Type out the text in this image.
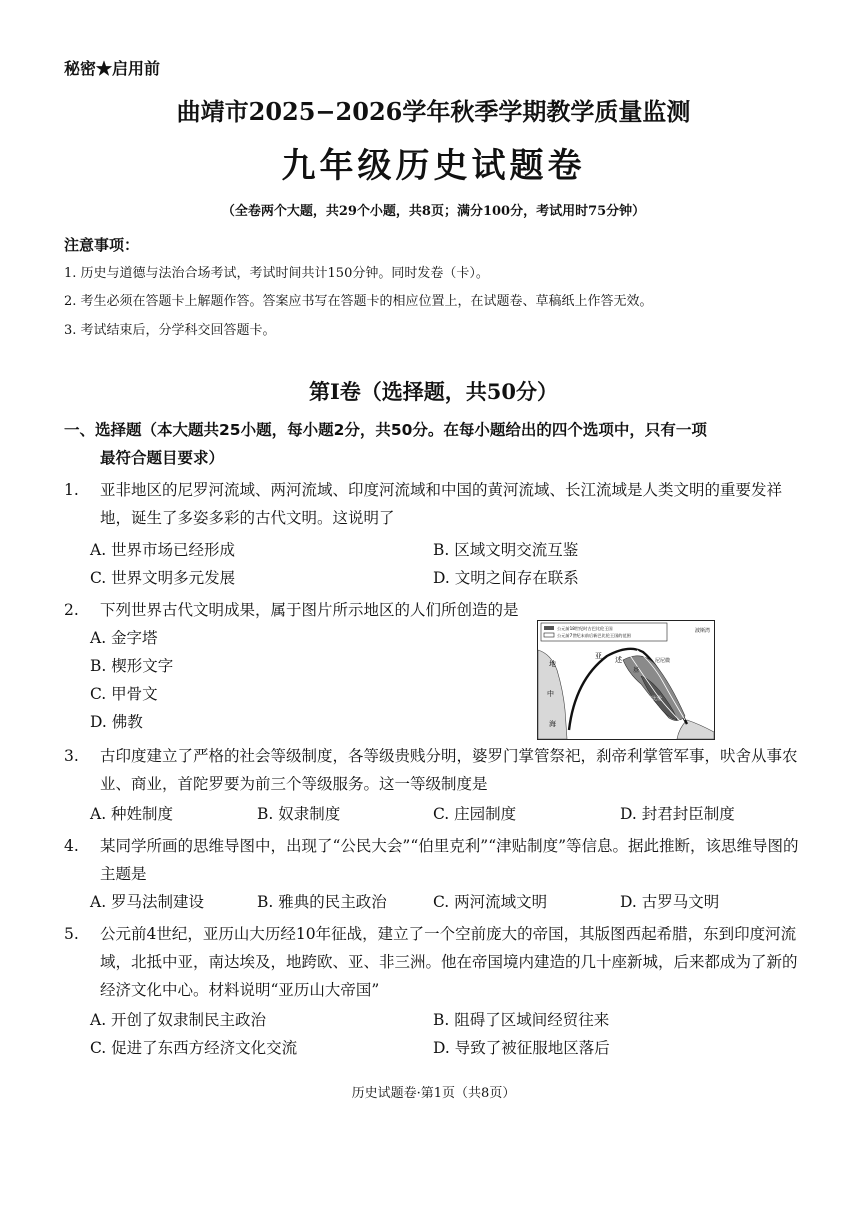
秘密★启用前
曲靖市2025−2026学年秋季学期教学质量监测
九年级历史试题卷
（全卷两个大题，共29个小题，共8页；满分100分，考试用时75分钟）
注意事项：
1. 历史与道德与法治合场考试，考试时间共计150分钟。同时发卷（卡）。
2. 考生必须在答题卡上解题作答。答案应书写在答题卡的相应位置上，在试题卷、草稿纸上作答无效。
3. 考试结束后，分学科交回答题卡。
第Ⅰ卷（选择题，共50分）
一、选择题（本大题共25小题，每小题2分，共50分。在每小题给出的四个选项中，只有一项
最符合题目要求）
1.	亚非地区的尼罗河流域、两河流域、印度河流域和中国的黄河流域、长江流域是人类文明的重要发祥地，诞生了多姿多彩的古代文明。这说明了
A. 世界市场已经形成	B. 区域文明交流互鉴
C. 世界文明多元发展	D. 文明之间存在联系
2.	下列世界古代文明成果，属于图片所示地区的人们所创造的是
A. 金字塔
B. 楔形文字
C. 甲骨文
D. 佛教
公元前18世纪时古巴比伦王国
公元前7世纪末前后新巴比伦王国的范围
地
中
海
亚 述
巴比伦
尼尼微
基
波斯湾
3.	古印度建立了严格的社会等级制度，各等级贵贱分明，婆罗门掌管祭祀，刹帝利掌管军事，吠舍从事农业、商业，首陀罗要为前三个等级服务。这一等级制度是
A. 种姓制度	B. 奴隶制度	C. 庄园制度	D. 封君封臣制度
4.	某同学所画的思维导图中，出现了“公民大会”“伯里克利”“津贴制度”等信息。据此推断，该思维导图的主题是
A. 罗马法制建设	B. 雅典的民主政治	C. 两河流域文明	D. 古罗马文明
5.	公元前4世纪，亚历山大历经10年征战，建立了一个空前庞大的帝国，其版图西起希腊，东到印度河流域，北抵中亚，南达埃及，地跨欧、亚、非三洲。他在帝国境内建造的几十座新城，后来都成为了新的经济文化中心。材料说明“亚历山大帝国”
A. 开创了奴隶制民主政治	B. 阻碍了区域间经贸往来
C. 促进了东西方经济文化交流	D. 导致了被征服地区落后
历史试题卷·第1页（共8页）
